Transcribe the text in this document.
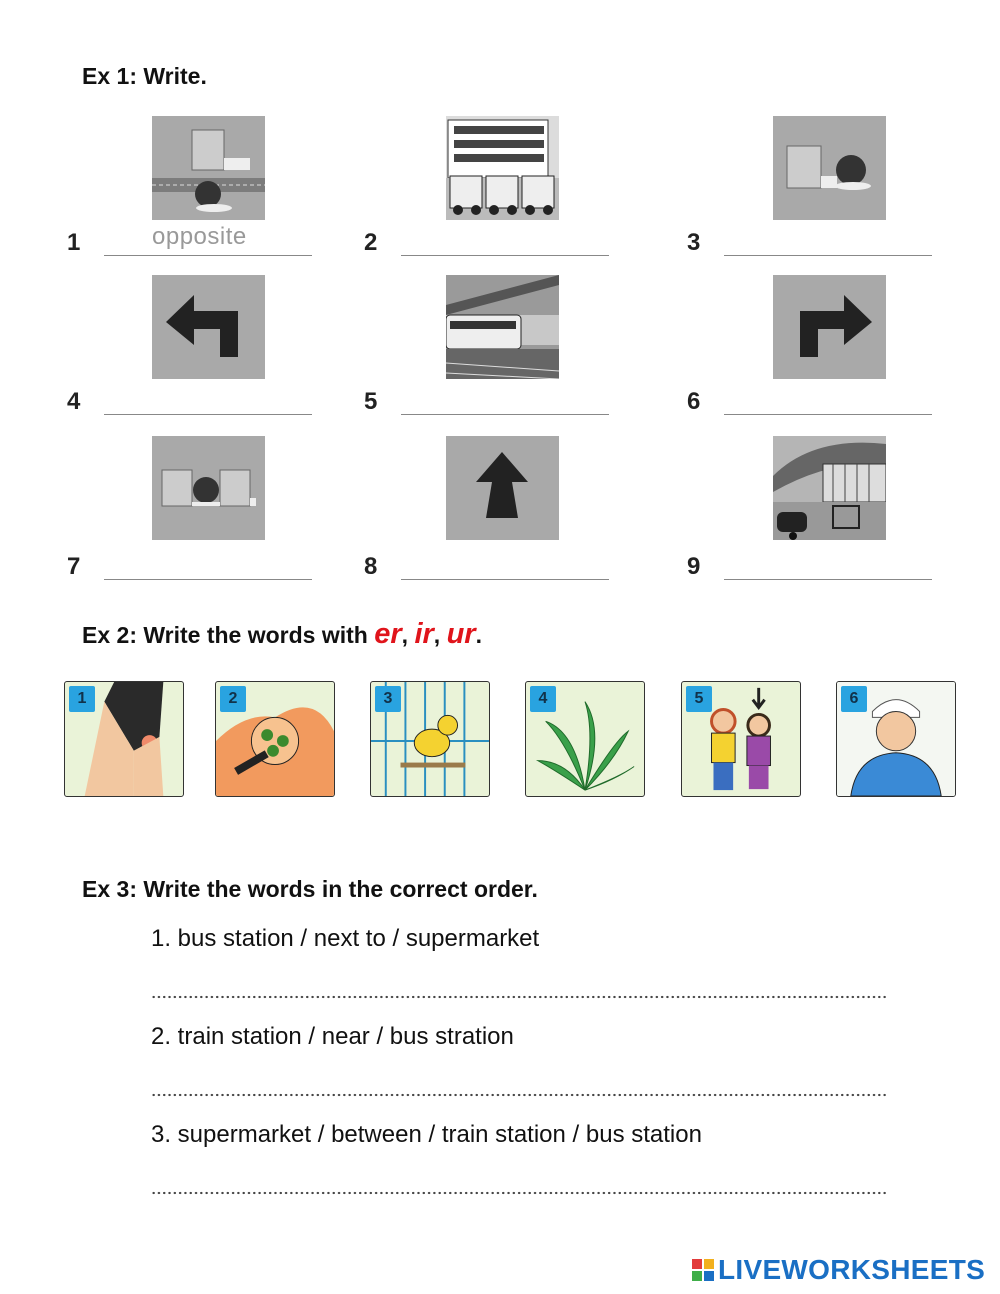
Ex 1: Write.
1	opposite	2	3
4	5	6
7	8	9
Ex 2: Write the words with er, ir, ur.
1	2	3	4	5	6
Ex 3: Write the words in the correct order.
1. bus station / next to / supermarket
2. train station / near / bus stration
3. supermarket / between / train station / bus station
LIVEWORKSHEETS
